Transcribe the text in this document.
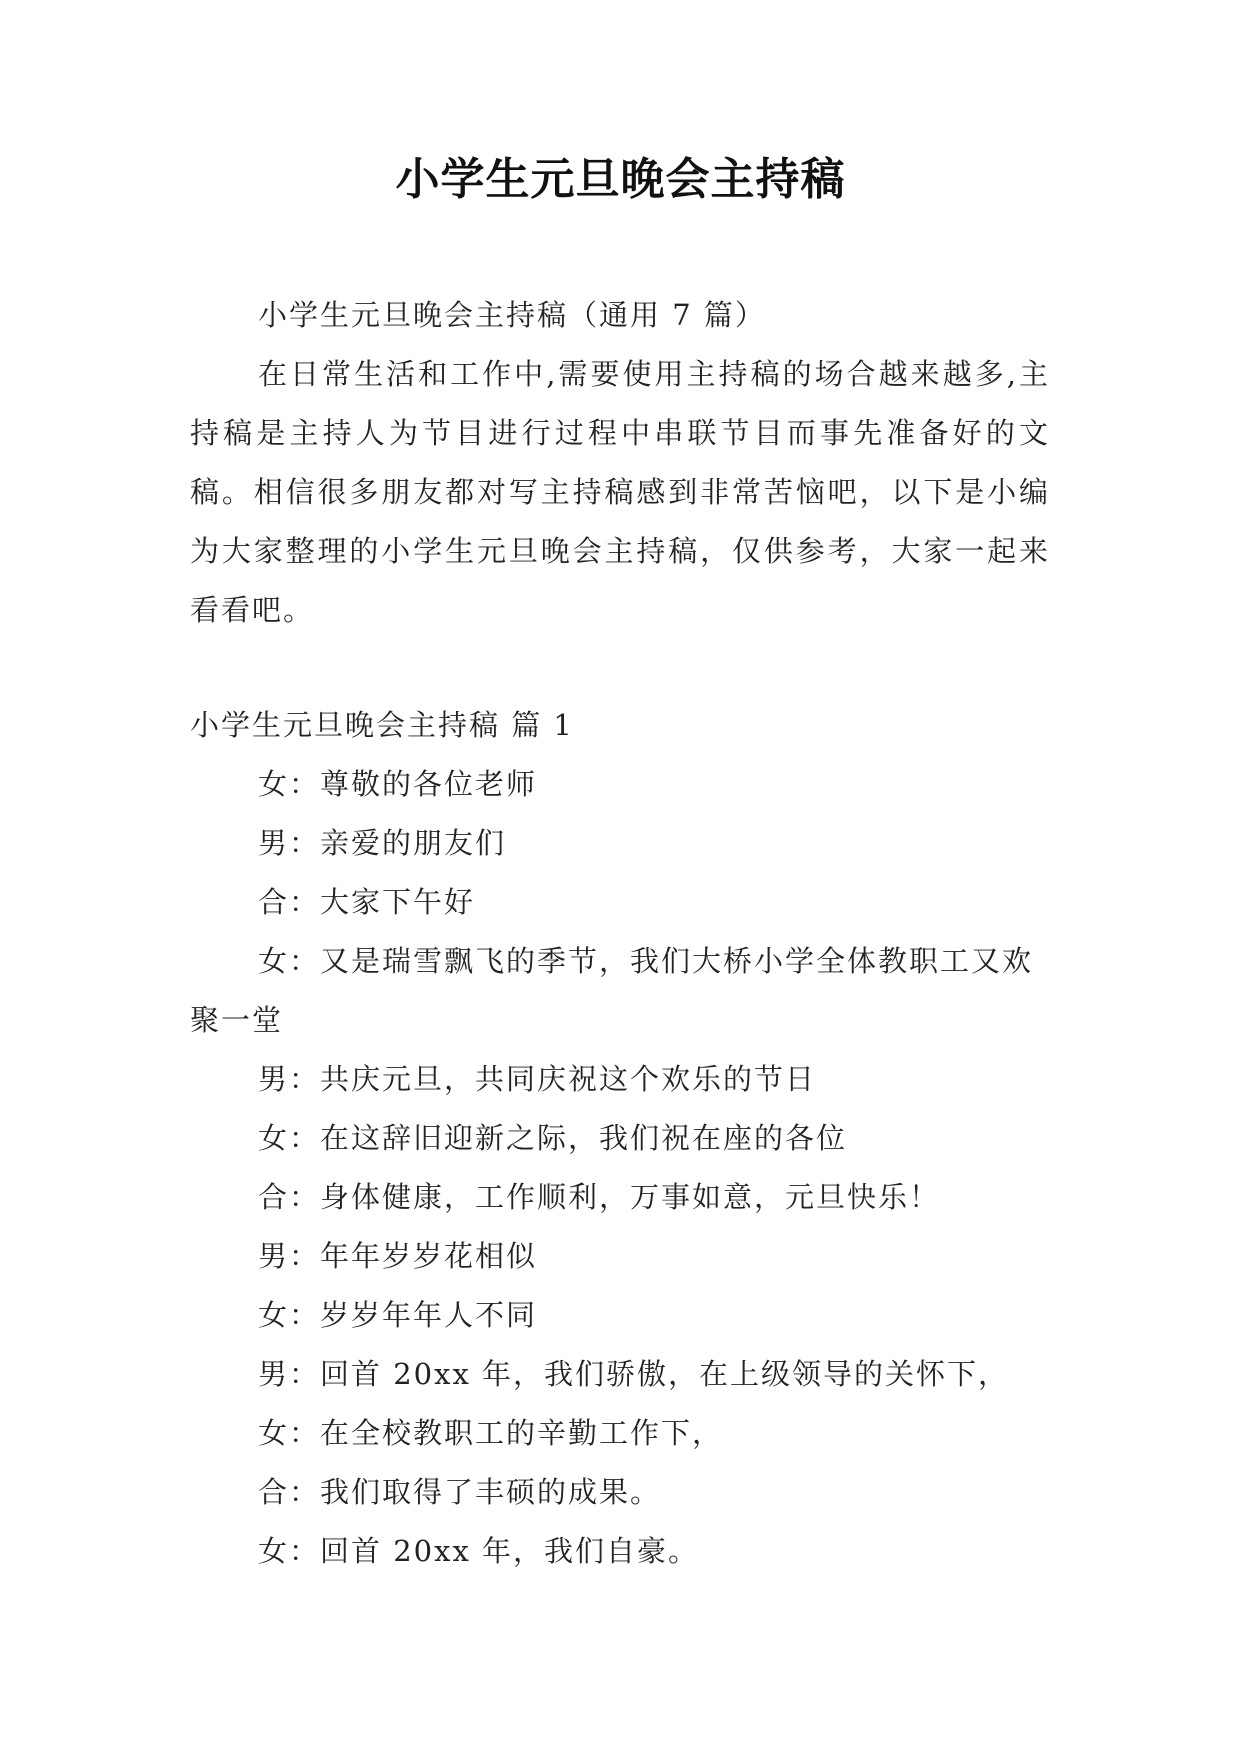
小学生元旦晚会主持稿

小学生元旦晚会主持稿（通用 7 篇）

在日常生活和工作中,需要使用主持稿的场合越来越多,主持稿是主持人为节目进行过程中串联节目而事先准备好的文稿。相信很多朋友都对写主持稿感到非常苦恼吧，以下是小编为大家整理的小学生元旦晚会主持稿，仅供参考，大家一起来看看吧。

小学生元旦晚会主持稿 篇 1

女：尊敬的各位老师

男：亲爱的朋友们

合：大家下午好

女：又是瑞雪飘飞的季节，我们大桥小学全体教职工又欢聚一堂

男：共庆元旦，共同庆祝这个欢乐的节日

女：在这辞旧迎新之际，我们祝在座的各位

合：身体健康，工作顺利，万事如意，元旦快乐！

男：年年岁岁花相似

女：岁岁年年人不同

男：回首 20xx 年，我们骄傲，在上级领导的关怀下，

女：在全校教职工的辛勤工作下，

合：我们取得了丰硕的成果。

女：回首 20xx 年，我们自豪。
